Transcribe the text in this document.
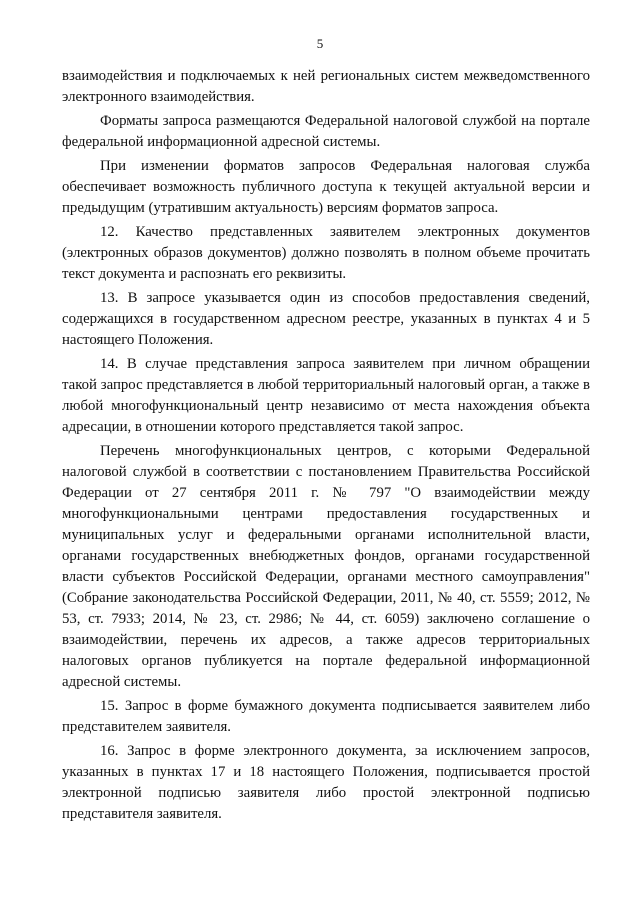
5

взаимодействия и подключаемых к ней региональных систем межведомственного электронного взаимодействия.

Форматы запроса размещаются Федеральной налоговой службой на портале федеральной информационной адресной системы.

При изменении форматов запросов Федеральная налоговая служба обеспечивает возможность публичного доступа к текущей актуальной версии и предыдущим (утратившим актуальность) версиям форматов запроса.

12. Качество представленных заявителем электронных документов (электронных образов документов) должно позволять в полном объеме прочитать текст документа и распознать его реквизиты.

13. В запросе указывается один из способов предоставления сведений, содержащихся в государственном адресном реестре, указанных в пунктах 4 и 5 настоящего Положения.

14. В случае представления запроса заявителем при личном обращении такой запрос представляется в любой территориальный налоговый орган, а также в любой многофункциональный центр независимо от места нахождения объекта адресации, в отношении которого представляется такой запрос.

Перечень многофункциональных центров, с которыми Федеральной налоговой службой в соответствии с постановлением Правительства Российской Федерации от 27 сентября 2011 г. № 797 "О взаимодействии между многофункциональными центрами предоставления государственных и муниципальных услуг и федеральными органами исполнительной власти, органами государственных внебюджетных фондов, органами государственной власти субъектов Российской Федерации, органами местного самоуправления" (Собрание законодательства Российской Федерации, 2011, № 40, ст. 5559; 2012, № 53, ст. 7933; 2014, № 23, ст. 2986; № 44, ст. 6059) заключено соглашение о взаимодействии, перечень их адресов, а также адресов территориальных налоговых органов публикуется на портале федеральной информационной адресной системы.

15. Запрос в форме бумажного документа подписывается заявителем либо представителем заявителя.

16. Запрос в форме электронного документа, за исключением запросов, указанных в пунктах 17 и 18 настоящего Положения, подписывается простой электронной подписью заявителя либо простой электронной подписью представителя заявителя.
